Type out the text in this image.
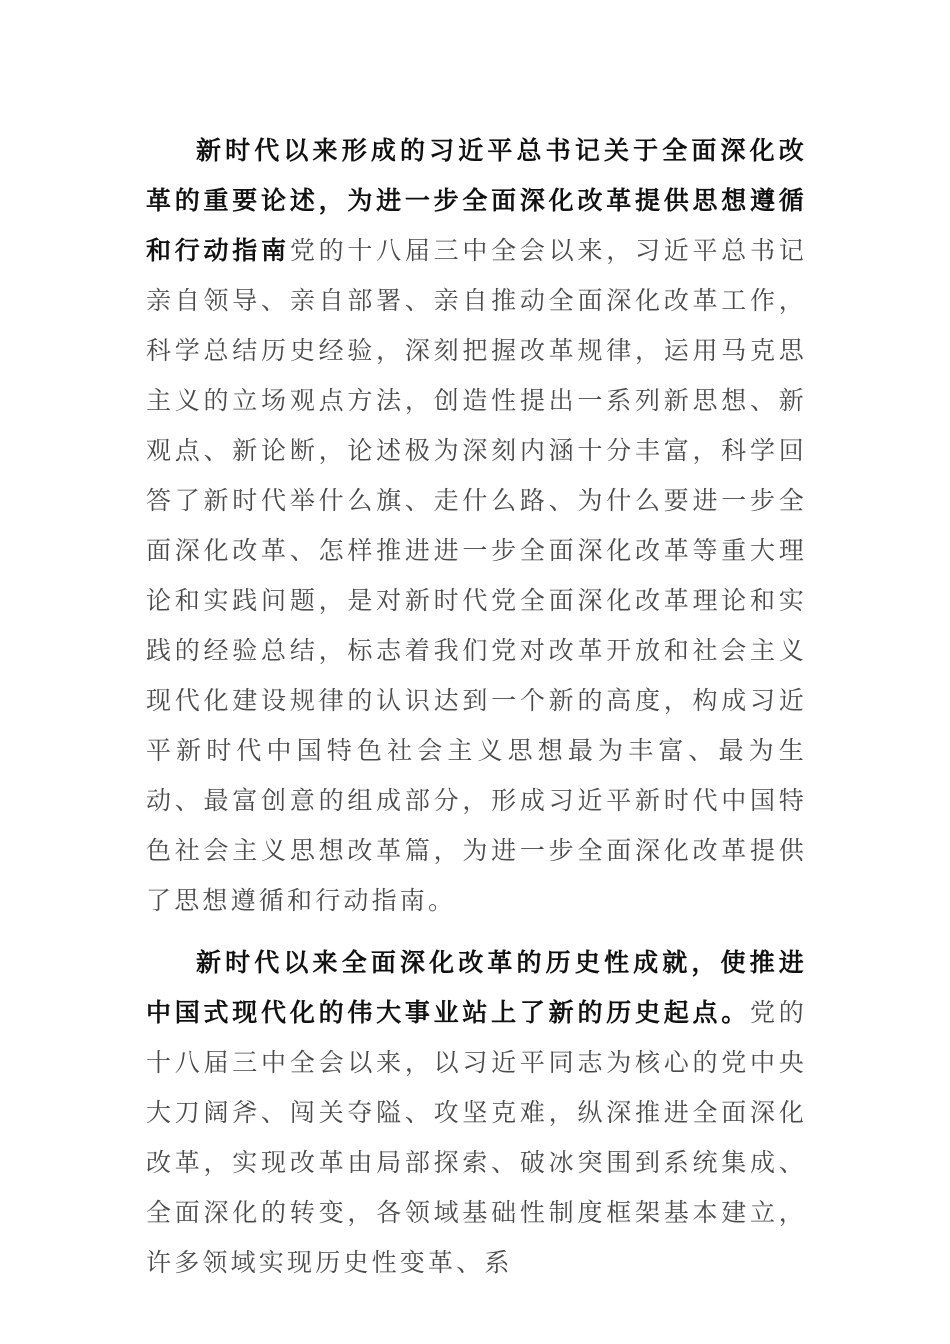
新时代以来形成的习近平总书记关于全面深化改革的重要论述，为进一步全面深化改革提供思想遵循和行动指南党的十八届三中全会以来，习近平总书记亲自领导、亲自部署、亲自推动全面深化改革工作，科学总结历史经验，深刻把握改革规律，运用马克思主义的立场观点方法，创造性提出一系列新思想、新观点、新论断，论述极为深刻内涵十分丰富，科学回答了新时代举什么旗、走什么路、为什么要进一步全面深化改革、怎样推进进一步全面深化改革等重大理论和实践问题，是对新时代党全面深化改革理论和实践的经验总结，标志着我们党对改革开放和社会主义现代化建设规律的认识达到一个新的高度，构成习近平新时代中国特色社会主义思想最为丰富、最为生动、最富创意的组成部分，形成习近平新时代中国特色社会主义思想改革篇，为进一步全面深化改革提供了思想遵循和行动指南。

新时代以来全面深化改革的历史性成就，使推进中国式现代化的伟大事业站上了新的历史起点。党的十八届三中全会以来，以习近平同志为核心的党中央大刀阔斧、闯关夺隘、攻坚克难，纵深推进全面深化改革，实现改革由局部探索、破冰突围到系统集成、全面深化的转变，各领域基础性制度框架基本建立，许多领域实现历史性变革、系
